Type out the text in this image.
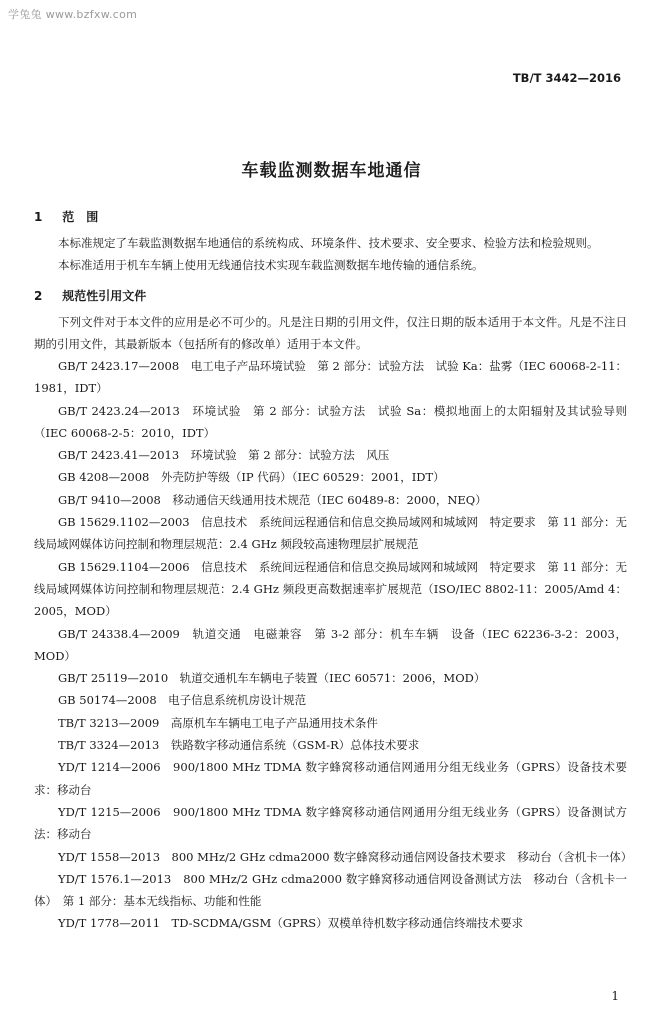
学兔兔 www.bzfxw.com
TB/T 3442—2016
车载监测数据车地通信
1 范　围

本标准规定了车载监测数据车地通信的系统构成、环境条件、技术要求、安全要求、检验方法和检验规则。

本标准适用于机车车辆上使用无线通信技术实现车载监测数据车地传输的通信系统。

2 规范性引用文件

下列文件对于本文件的应用是必不可少的。凡是注日期的引用文件，仅注日期的版本适用于本文件。凡是不注日期的引用文件，其最新版本（包括所有的修改单）适用于本文件。

GB/T 2423.17—2008　电工电子产品环境试验　第 2 部分：试验方法　试验 Ka：盐雾（IEC 60068-2-11：1981，IDT）

GB/T 2423.24—2013　环境试验　第 2 部分：试验方法　试验 Sa：模拟地面上的太阳辐射及其试验导则（IEC 60068-2-5：2010，IDT）

GB/T 2423.41—2013　环境试验　第 2 部分：试验方法　风压

GB 4208—2008　外壳防护等级（IP 代码）（IEC 60529：2001，IDT）

GB/T 9410—2008　移动通信天线通用技术规范（IEC 60489-8：2000，NEQ）

GB 15629.1102—2003　信息技术　系统间远程通信和信息交换局域网和城域网　特定要求　第 11 部分：无线局域网媒体访问控制和物理层规范：2.4 GHz 频段较高速物理层扩展规范

GB 15629.1104—2006　信息技术　系统间远程通信和信息交换局域网和城域网　特定要求　第 11 部分：无线局域网媒体访问控制和物理层规范：2.4 GHz 频段更高数据速率扩展规范（ISO/IEC 8802-11：2005/Amd 4：2005，MOD）

GB/T 24338.4—2009　轨道交通　电磁兼容　第 3-2 部分：机车车辆　设备（IEC 62236-3-2：2003，MOD）

GB/T 25119—2010　轨道交通机车车辆电子装置（IEC 60571：2006，MOD）

GB 50174—2008　电子信息系统机房设计规范

TB/T 3213—2009　高原机车车辆电工电子产品通用技术条件

TB/T 3324—2013　铁路数字移动通信系统（GSM-R）总体技术要求

YD/T 1214—2006　900/1800 MHz TDMA 数字蜂窝移动通信网通用分组无线业务（GPRS）设备技术要求：移动台

YD/T 1215—2006　900/1800 MHz TDMA 数字蜂窝移动通信网通用分组无线业务（GPRS）设备测试方法：移动台

YD/T 1558—2013　800 MHz/2 GHz cdma2000 数字蜂窝移动通信网设备技术要求　移动台（含机卡一体）

YD/T 1576.1—2013　800 MHz/2 GHz cdma2000 数字蜂窝移动通信网设备测试方法　移动台（含机卡一体）　第 1 部分：基本无线指标、功能和性能

YD/T 1778—2011　TD-SCDMA/GSM（GPRS）双模单待机数字移动通信终端技术要求

1
